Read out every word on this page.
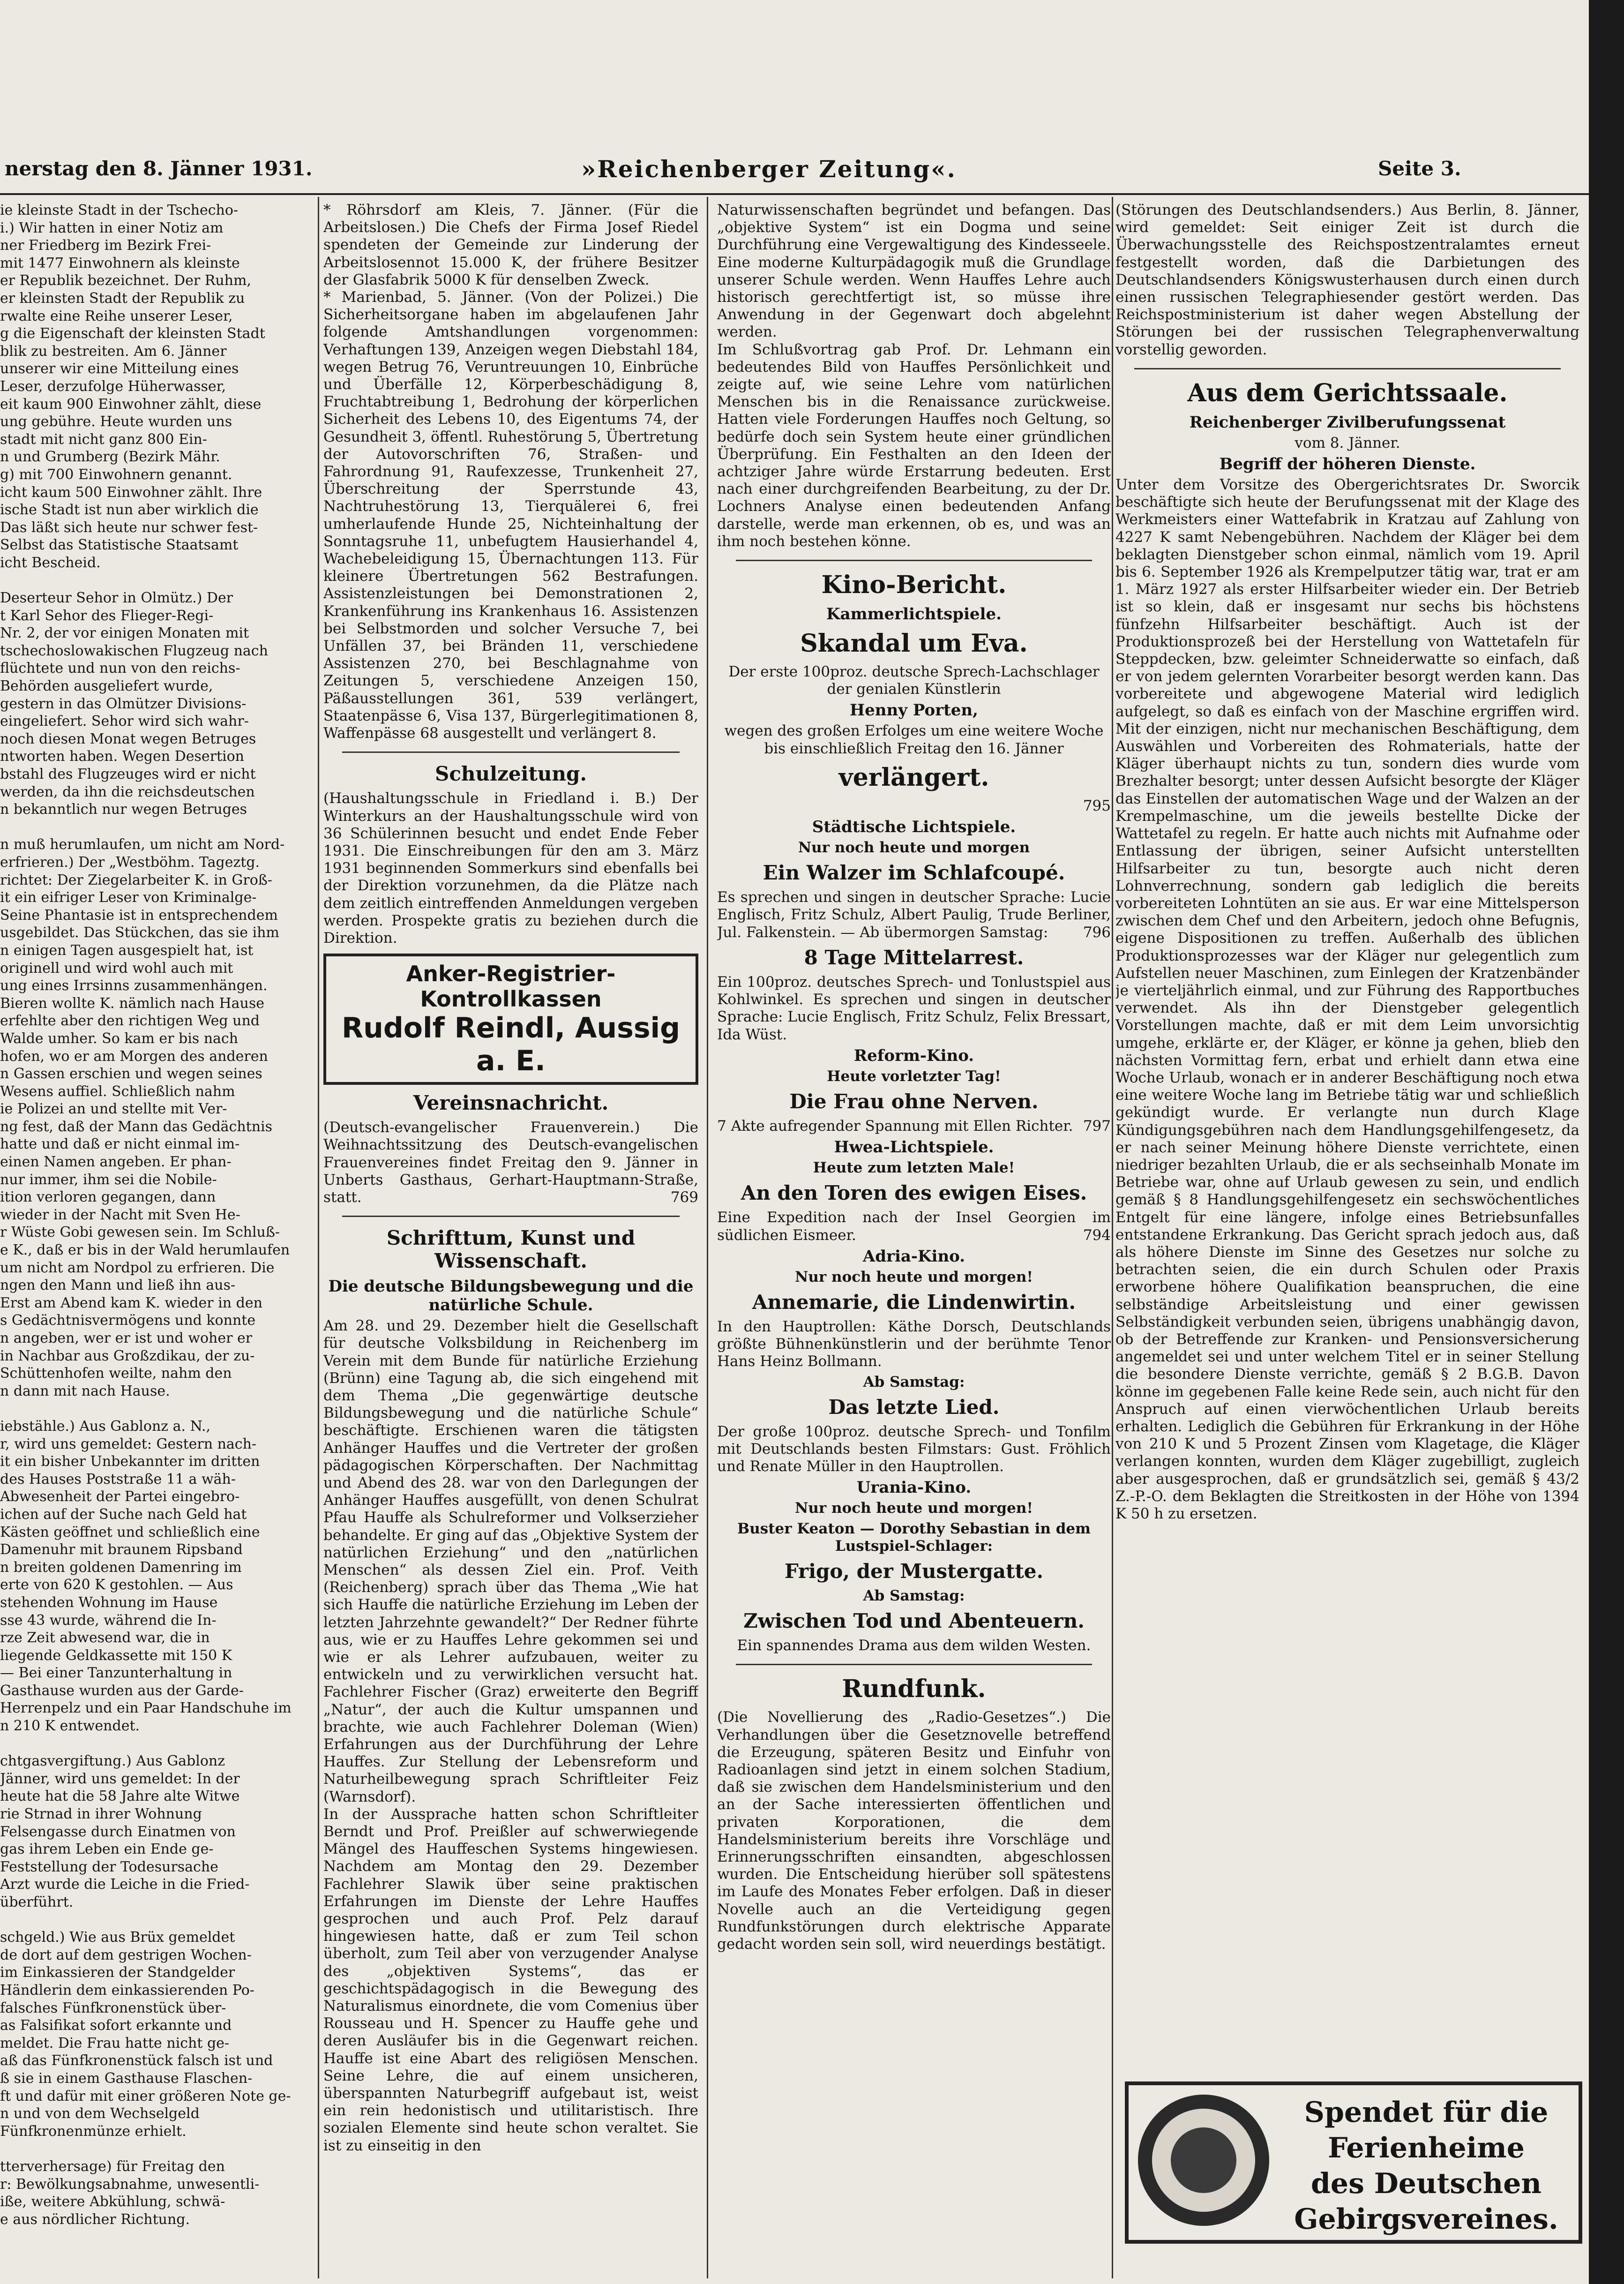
nerstag den 8. Jänner 1931.	»Reichenberger Zeitung«.	Seite 3.
ie kleinste Stadt in der Tschecho-
i.) Wir hatten in einer Notiz am
ner Friedberg im Bezirk Frei-
mit 1477 Einwohnern als kleinste
er Republik bezeichnet. Der Ruhm,
er kleinsten Stadt der Republik zu
rwalte eine Reihe unserer Leser,
g die Eigenschaft der kleinsten Stadt
blik zu bestreiten. Am 6. Jänner
unserer wir eine Mitteilung eines
Leser, derzufolge Hüherwasser,
eit kaum 900 Einwohner zählt, diese
ung gebühre. Heute wurden uns
stadt mit nicht ganz 800 Ein-
n und Grumberg (Bezirk Mähr.
g) mit 700 Einwohnern genannt.
icht kaum 500 Einwohner zählt. Ihre
ische Stadt ist nun aber wirklich die
Das läßt sich heute nur schwer fest-
Selbst das Statistische Staatsamt
icht Bescheid.
Deserteur Sehor in Olmütz.) Der
t Karl Sehor des Flieger-Regi-
Nr. 2, der vor einigen Monaten mit
tschechoslowakischen Flugzeug nach
flüchtete und nun von den reichs-
Behörden ausgeliefert wurde,
gestern in das Olmützer Divisions-
eingeliefert. Sehor wird sich wahr-
noch diesen Monat wegen Betruges
ntworten haben. Wegen Desertion
bstahl des Flugzeuges wird er nicht
werden, da ihn die reichsdeutschen
n bekanntlich nur wegen Betruges
n muß herumlaufen, um nicht am Nord-
erfrieren.) Der „Westböhm. Tageztg.
richtet: Der Ziegelarbeiter K. in Groß-
it ein eifriger Leser von Kriminalge-
Seine Phantasie ist in entsprechendem
usgebildet. Das Stückchen, das sie ihm
n einigen Tagen ausgespielt hat, ist
originell und wird wohl auch mit
ung eines Irrsinns zusammenhängen.
Bieren wollte K. nämlich nach Hause
erfehlte aber den richtigen Weg und
Walde umher. So kam er bis nach
hofen, wo er am Morgen des anderen
n Gassen erschien und wegen seines
Wesens auffiel. Schließlich nahm
ie Polizei an und stellte mit Ver-
ng fest, daß der Mann das Gedächtnis
hatte und daß er nicht einmal im-
einen Namen angeben. Er phan-
nur immer, ihm sei die Nobile-
ition verloren gegangen, dann
wieder in der Nacht mit Sven He-
r Wüste Gobi gewesen sein. Im Schluß-
e K., daß er bis in der Wald herumlaufen
um nicht am Nordpol zu erfrieren. Die
ngen den Mann und ließ ihn aus-
Erst am Abend kam K. wieder in den
s Gedächtnisvermögens und konnte
n angeben, wer er ist und woher er
in Nachbar aus Großzdikau, der zu-
Schüttenhofen weilte, nahm den
n dann mit nach Hause.
iebstähle.) Aus Gablonz a. N.,
r, wird uns gemeldet: Gestern nach-
it ein bisher Unbekannter im dritten
des Hauses Poststraße 11 a wäh-
Abwesenheit der Partei eingebro-
ichen auf der Suche nach Geld hat
Kästen geöffnet und schließlich eine
Damenuhr mit braunem Ripsband
n breiten goldenen Damenring im
erte von 620 K gestohlen. — Aus
stehenden Wohnung im Hause
sse 43 wurde, während die In-
rze Zeit abwesend war, die in
liegende Geldkassette mit 150 K
— Bei einer Tanzunterhaltung in
Gasthause wurden aus der Garde-
Herrenpelz und ein Paar Handschuhe im
n 210 K entwendet.
chtgasvergiftung.) Aus Gablonz
Jänner, wird uns gemeldet: In der
heute hat die 58 Jahre alte Witwe
rie Strnad in ihrer Wohnung
Felsengasse durch Einatmen von
gas ihrem Leben ein Ende ge-
Feststellung der Todesursache
Arzt wurde die Leiche in die Fried-
überführt.
schgeld.) Wie aus Brüx gemeldet
de dort auf dem gestrigen Wochen-
im Einkassieren der Standgelder
Händlerin dem einkassierenden Po-
falsches Fünfkronenstück über-
as Falsifikat sofort erkannte und
meldet. Die Frau hatte nicht ge-
aß das Fünfkronenstück falsch ist und
ß sie in einem Gasthause Flaschen-
ft und dafür mit einer größeren Note ge-
n und von dem Wechselgeld
Fünfkronenmünze erhielt.
tterverhersage) für Freitag den
r: Bewölkungsabnahme, unwesentli-
iße, weitere Abkühlung, schwä-
e aus nördlicher Richtung.

* Röhrsdorf am Kleis, 7. Jänner. (Für die Arbeitslosen.) Die Chefs der Firma Josef Riedel spendeten der Gemeinde zur Linderung der Arbeitslosennot 15.000 K, der frühere Besitzer der Glasfabrik 5000 K für denselben Zweck.

* Marienbad, 5. Jänner. (Von der Polizei.) Die Sicherheitsorgane haben im abgelaufenen Jahr folgende Amtshandlungen vorgenommen: Verhaftungen 139, Anzeigen wegen Diebstahl 184, wegen Betrug 76, Veruntreuungen 10, Einbrüche und Überfälle 12, Körperbeschädigung 8, Fruchtabtreibung 1, Bedrohung der körperlichen Sicherheit des Lebens 10, des Eigentums 74, der Gesundheit 3, öffentl. Ruhestörung 5, Übertretung der Autovorschriften 76, Straßen- und Fahrordnung 91, Raufexzesse, Trunkenheit 27, Überschreitung der Sperrstunde 43, Nachtruhestörung 13, Tierquälerei 6, frei umherlaufende Hunde 25, Nichteinhaltung der Sonntagsruhe 11, unbefugtem Hausierhandel 4, Wachebeleidigung 15, Übernachtungen 113. Für kleinere Übertretungen 562 Bestrafungen. Assistenzleistungen bei Demonstrationen 2, Krankenführung ins Krankenhaus 16. Assistenzen bei Selbstmorden und solcher Versuche 7, bei Unfällen 37, bei Bränden 11, verschiedene Assistenzen 270, bei Beschlagnahme von Zeitungen 5, verschiedene Anzeigen 150, Päßausstellungen 361, 539 verlängert, Staatenpässe 6, Visa 137, Bürgerlegitimationen 8, Waffenpässe 68 ausgestellt und verlängert 8.

Schulzeitung.

(Haushaltungsschule in Friedland i. B.) Der Winterkurs an der Haushaltungsschule wird von 36 Schülerinnen besucht und endet Ende Feber 1931. Die Einschreibungen für den am 3. März 1931 beginnenden Sommerkurs sind ebenfalls bei der Direktion vorzunehmen, da die Plätze nach dem zeitlich eintreffenden Anmeldungen vergeben werden. Prospekte gratis zu beziehen durch die Direktion.

Anker-Registrier-Kontrollkassen
Rudolf Reindl, Aussig a. E.
Vereinsnachricht.

(Deutsch-evangelischer Frauenverein.) Die Weihnachtssitzung des Deutsch-evangelischen Frauenvereines findet Freitag den 9. Jänner in Unberts Gasthaus, Gerhart-Hauptmann-Straße, statt.	769

Schrifttum, Kunst und Wissenschaft.
Die deutsche Bildungsbewegung und die natürliche Schule.

Am 28. und 29. Dezember hielt die Gesellschaft für deutsche Volksbildung in Reichenberg im Verein mit dem Bunde für natürliche Erziehung (Brünn) eine Tagung ab, die sich eingehend mit dem Thema „Die gegenwärtige deutsche Bildungsbewegung und die natürliche Schule“ beschäftigte. Erschienen waren die tätigsten Anhänger Hauffes und die Vertreter der großen pädagogischen Körperschaften. Der Nachmittag und Abend des 28. war von den Darlegungen der Anhänger Hauffes ausgefüllt, von denen Schulrat Pfau Hauffe als Schulreformer und Volkserzieher behandelte. Er ging auf das „Objektive System der natürlichen Erziehung“ und den „natürlichen Menschen“ als dessen Ziel ein. Prof. Veith (Reichenberg) sprach über das Thema „Wie hat sich Hauffe die natürliche Erziehung im Leben der letzten Jahrzehnte gewandelt?“ Der Redner führte aus, wie er zu Hauffes Lehre gekommen sei und wie er als Lehrer aufzubauen, weiter zu entwickeln und zu verwirklichen versucht hat. Fachlehrer Fischer (Graz) erweiterte den Begriff „Natur“, der auch die Kultur umspannen und brachte, wie auch Fachlehrer Doleman (Wien) Erfahrungen aus der Durchführung der Lehre Hauffes. Zur Stellung der Lebensreform und Naturheilbewegung sprach Schriftleiter Feiz (Warnsdorf).

In der Aussprache hatten schon Schriftleiter Berndt und Prof. Preißler auf schwerwiegende Mängel des Hauffeschen Systems hingewiesen. Nachdem am Montag den 29. Dezember Fachlehrer Slawik über seine praktischen Erfahrungen im Dienste der Lehre Hauffes gesprochen und auch Prof. Pelz darauf hingewiesen hatte, daß er zum Teil schon überholt, zum Teil aber von verzugender Analyse des „objektiven Systems“, das er geschichtspädagogisch in die Bewegung des Naturalismus einordnete, die vom Comenius über Rousseau und H. Spencer zu Hauffe gehe und deren Ausläufer bis in die Gegenwart reichen. Hauffe ist eine Abart des religiösen Menschen. Seine Lehre, die auf einem unsicheren, überspannten Naturbegriff aufgebaut ist, weist ein rein hedonistisch und utilitaristisch. Ihre sozialen Elemente sind heute schon veraltet. Sie ist zu einseitig in den

Naturwissenschaften begründet und befangen. Das „objektive System“ ist ein Dogma und seine Durchführung eine Vergewaltigung des Kindesseele. Eine moderne Kulturpädagogik muß die Grundlage unserer Schule werden. Wenn Hauffes Lehre auch historisch gerechtfertigt ist, so müsse ihre Anwendung in der Gegenwart doch abgelehnt werden.

Im Schlußvortrag gab Prof. Dr. Lehmann ein bedeutendes Bild von Hauffes Persönlichkeit und zeigte auf, wie seine Lehre vom natürlichen Menschen bis in die Renaissance zurückweise. Hatten viele Forderungen Hauffes noch Geltung, so bedürfe doch sein System heute einer gründlichen Überprüfung. Ein Festhalten an den Ideen der achtziger Jahre würde Erstarrung bedeuten. Erst nach einer durchgreifenden Bearbeitung, zu der Dr. Lochners Analyse einen bedeutenden Anfang darstelle, werde man erkennen, ob es, und was an ihm noch bestehen könne.

Kino-Bericht.
Kammerlichtspiele.
Skandal um Eva.

Der erste 100proz. deutsche Sprech-Lachschlager der genialen Künstlerin

Henny Porten,

wegen des großen Erfolges um eine weitere Woche bis einschließlich Freitag den 16. Jänner

verlängert.

795

Städtische Lichtspiele.

Nur noch heute und morgen

Ein Walzer im Schlafcoupé.

Es sprechen und singen in deutscher Sprache: Lucie Englisch, Fritz Schulz, Albert Paulig, Trude Berliner, Jul. Falkenstein. — Ab übermorgen Samstag: 796

8 Tage Mittelarrest.

Ein 100proz. deutsches Sprech- und Tonlustspiel aus Kohlwinkel. Es sprechen und singen in deutscher Sprache: Lucie Englisch, Fritz Schulz, Felix Bressart, Ida Wüst.

Reform-Kino.

Heute vorletzter Tag!

Die Frau ohne Nerven.

7 Akte aufregender Spannung mit Ellen Richter. 797

Hwea-Lichtspiele.

Heute zum letzten Male!

An den Toren des ewigen Eises.

Eine Expedition nach der Insel Georgien im südlichen Eismeer.	794

Adria-Kino.

Nur noch heute und morgen!

Annemarie, die Lindenwirtin.

In den Hauptrollen: Käthe Dorsch, Deutschlands größte Bühnenkünstlerin und der berühmte Tenor Hans Heinz Bollmann.

Ab Samstag:

Das letzte Lied.

Der große 100proz. deutsche Sprech- und Tonfilm mit Deutschlands besten Filmstars: Gust. Fröhlich und Renate Müller in den Hauptrollen.

Urania-Kino.

Nur noch heute und morgen!

Buster Keaton — Dorothy Sebastian in dem Lustspiel-Schlager:

Frigo, der Mustergatte.

Ab Samstag:

Zwischen Tod und Abenteuern.

Ein spannendes Drama aus dem wilden Westen.

Rundfunk.

(Die Novellierung des „Radio-Gesetzes“.) Die Verhandlungen über die Gesetznovelle betreffend die Erzeugung, späteren Besitz und Einfuhr von Radioanlagen sind jetzt in einem solchen Stadium, daß sie zwischen dem Handelsministerium und den an der Sache interessierten öffentlichen und privaten Korporationen, die dem Handelsministerium bereits ihre Vorschläge und Erinnerungsschriften einsandten, abgeschlossen wurden. Die Entscheidung hierüber soll spätestens im Laufe des Monates Feber erfolgen. Daß in dieser Novelle auch an die Verteidigung gegen Rundfunkstörungen durch elektrische Apparate gedacht worden sein soll, wird neuerdings bestätigt.

(Störungen des Deutschlandsenders.) Aus Berlin, 8. Jänner, wird gemeldet: Seit einiger Zeit ist durch die Überwachungsstelle des Reichspostzentralamtes erneut festgestellt worden, daß die Darbietungen des Deutschlandsenders Königswusterhausen durch einen durch einen russischen Telegraphiesender gestört werden. Das Reichspostministerium ist daher wegen Abstellung der Störungen bei der russischen Telegraphenverwaltung vorstellig geworden.

Aus dem Gerichtssaale.
Reichenberger Zivilberufungssenat

vom 8. Jänner.

Begriff der höheren Dienste.

Unter dem Vorsitze des Obergerichtsrates Dr. Sworcik beschäftigte sich heute der Berufungssenat mit der Klage des Werkmeisters einer Wattefabrik in Kratzau auf Zahlung von 4227 K samt Nebengebühren. Nachdem der Kläger bei dem beklagten Dienstgeber schon einmal, nämlich vom 19. April bis 6. September 1926 als Krempelputzer tätig war, trat er am 1. März 1927 als erster Hilfsarbeiter wieder ein. Der Betrieb ist so klein, daß er insgesamt nur sechs bis höchstens fünfzehn Hilfsarbeiter beschäftigt. Auch ist der Produktionsprozeß bei der Herstellung von Wattetafeln für Steppdecken, bzw. geleimter Schneiderwatte so einfach, daß er von jedem gelernten Vorarbeiter besorgt werden kann. Das vorbereitete und abgewogene Material wird lediglich aufgelegt, so daß es einfach von der Maschine ergriffen wird. Mit der einzigen, nicht nur mechanischen Beschäftigung, dem Auswählen und Vorbereiten des Rohmaterials, hatte der Kläger überhaupt nichts zu tun, sondern dies wurde vom Brezhalter besorgt; unter dessen Aufsicht besorgte der Kläger das Einstellen der automatischen Wage und der Walzen an der Krempelmaschine, um die jeweils bestellte Dicke der Wattetafel zu regeln. Er hatte auch nichts mit Aufnahme oder Entlassung der übrigen, seiner Aufsicht unterstellten Hilfsarbeiter zu tun, besorgte auch nicht deren Lohnverrechnung, sondern gab lediglich die bereits vorbereiteten Lohntüten an sie aus. Er war eine Mittelsperson zwischen dem Chef und den Arbeitern, jedoch ohne Befugnis, eigene Dispositionen zu treffen. Außerhalb des üblichen Produktionsprozesses war der Kläger nur gelegentlich zum Aufstellen neuer Maschinen, zum Einlegen der Kratzenbänder je vierteljährlich einmal, und zur Führung des Rapportbuches verwendet. Als ihn der Dienstgeber gelegentlich Vorstellungen machte, daß er mit dem Leim unvorsichtig umgehe, erklärte er, der Kläger, er könne ja gehen, blieb den nächsten Vormittag fern, erbat und erhielt dann etwa eine Woche Urlaub, wonach er in anderer Beschäftigung noch etwa eine weitere Woche lang im Betriebe tätig war und schließlich gekündigt wurde. Er verlangte nun durch Klage Kündigungsgebühren nach dem Handlungsgehilfengesetz, da er nach seiner Meinung höhere Dienste verrichtete, einen niedriger bezahlten Urlaub, die er als sechseinhalb Monate im Betriebe war, ohne auf Urlaub gewesen zu sein, und endlich gemäß § 8 Handlungsgehilfengesetz ein sechswöchentliches Entgelt für eine längere, infolge eines Betriebsunfalles entstandene Erkrankung. Das Gericht sprach jedoch aus, daß als höhere Dienste im Sinne des Gesetzes nur solche zu betrachten seien, die ein durch Schulen oder Praxis erworbene höhere Qualifikation beanspruchen, die eine selbständige Arbeitsleistung und einer gewissen Selbständigkeit verbunden seien, übrigens unabhängig davon, ob der Betreffende zur Kranken- und Pensionsversicherung angemeldet sei und unter welchem Titel er in seiner Stellung die besondere Dienste verrichte, gemäß § 2 B.G.B. Davon könne im gegebenen Falle keine Rede sein, auch nicht für den Anspruch auf einen vierwöchentlichen Urlaub bereits erhalten. Lediglich die Gebühren für Erkrankung in der Höhe von 210 K und 5 Prozent Zinsen vom Klagetage, die Kläger verlangen konnten, wurden dem Kläger zugebilligt, zugleich aber ausgesprochen, daß er grundsätzlich sei, gemäß § 43/2 Z.-P.-O. dem Beklagten die Streitkosten in der Höhe von 1394 K 50 h zu ersetzen.

Spendet für die
Ferienheime
des Deutschen
Gebirgsvereines.
